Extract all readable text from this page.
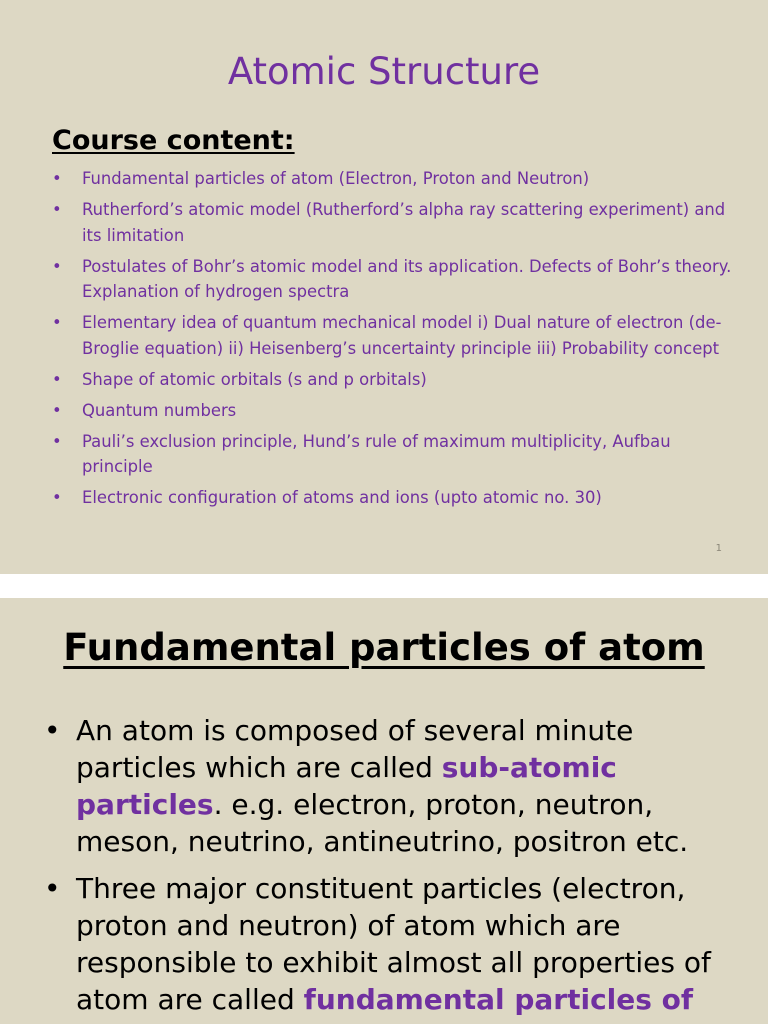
Atomic Structure
Course content:
• Fundamental particles of atom (Electron, Proton and Neutron)
• Rutherford’s atomic model (Rutherford’s alpha ray scattering experiment) and its limitation
• Postulates of Bohr’s atomic model and its application. Defects of Bohr’s theory. Explanation of hydrogen spectra
• Elementary idea of quantum mechanical model i) Dual nature of electron (de-Broglie equation) ii) Heisenberg’s uncertainty principle iii) Probability concept
• Shape of atomic orbitals (s and p orbitals)
• Quantum numbers
• Pauli’s exclusion principle, Hund’s rule of maximum multiplicity, Aufbau principle
• Electronic configuration of atoms and ions (upto atomic no. 30)
1
Fundamental particles of atom
• An atom is composed of several minute particles which are called sub-atomic particles. e.g. electron, proton, neutron, meson, neutrino, antineutrino, positron etc.
• Three major constituent particles (electron, proton and neutron) of atom which are responsible to exhibit almost all properties of atom are called fundamental particles of
